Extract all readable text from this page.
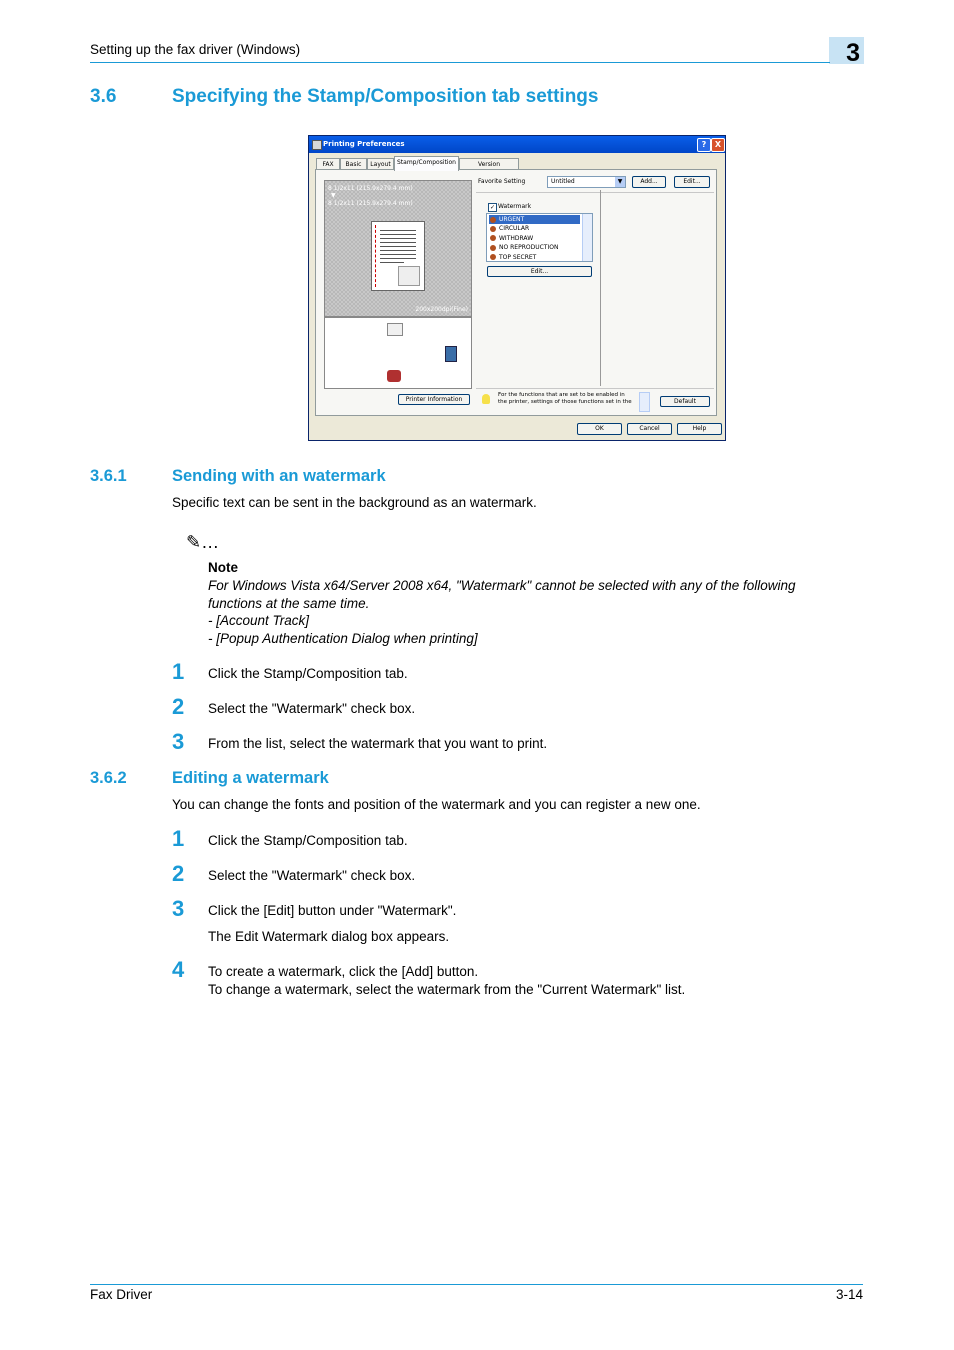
Setting up the fax driver (Windows)	3
3.6	Specifying the Stamp/Composition tab settings
Printing Preferences	?	X
FAX	Basic	Layout	Stamp/Composition	Version
8 1/2x11 (215.9x279.4 mm)
▼
8 1/2x11 (215.9x279.4 mm)
200x200dpi(Fine)
Printer Information
Favorite Setting	Untitled	▼	Add...	Edit...
✓ Watermark
URGENT
CIRCULAR
WITHDRAW
NO REPRODUCTION
TOP SECRET
Edit...
For the functions that are set to be enabled in
the printer, settings of those functions set in the	Default
OK	Cancel	Help
3.6.1	Sending with an watermark
Specific text can be sent in the background as an watermark.
✎…
Note
For Windows Vista x64/Server 2008 x64, "Watermark" cannot be selected with any of the following
functions at the same time.
- [Account Track]
- [Popup Authentication Dialog when printing]
1 Click the Stamp/Composition tab.
2 Select the "Watermark" check box.
3 From the list, select the watermark that you want to print.
3.6.2	Editing a watermark
You can change the fonts and position of the watermark and you can register a new one.
1 Click the Stamp/Composition tab.
2 Select the "Watermark" check box.
3 Click the [Edit] button under "Watermark".
The Edit Watermark dialog box appears.
4 To create a watermark, click the [Add] button.
To change a watermark, select the watermark from the "Current Watermark" list.
Fax Driver	3-14
